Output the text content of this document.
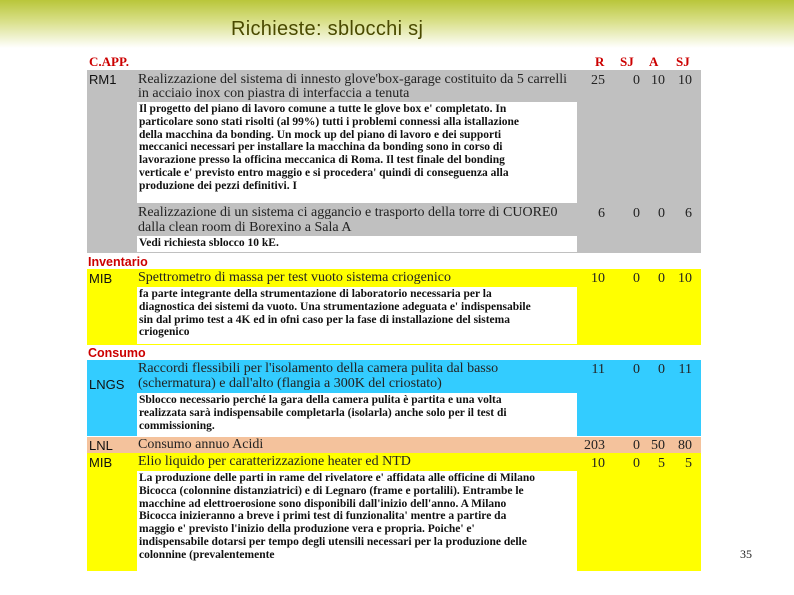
Richieste: sblocchi sj
C.APP.	R SJ A SJ
RM1 Realizzazione del sistema di innesto glove'box-garage costituito da 5 carrelli
in acciaio inox con piastra di interfaccia a tenuta
25	0 10 10
Il progetto del piano di lavoro comune a tutte le glove box e' completato. In
particolare sono stati risolti (al 99%) tutti i problemi connessi alla istallazione
della macchina da bonding. Un mock up del piano di lavoro e dei supporti
meccanici necessari per installare la macchina da bonding sono in corso di
lavorazione presso la officina meccanica di Roma. Il test finale del bonding
verticale e' previsto entro maggio e si procedera' quindi di conseguenza alla
produzione dei pezzi definitivi. I
Realizzazione di un sistema ci aggancio e trasporto della torre di CUORE0
dalla clean room di Borexino a Sala A
6	0	0	6
Vedi richiesta sblocco 10 kE.
Inventario
MIB Spettrometro di massa per test vuoto sistema criogenico	10	0	0 10
fa parte integrante della strumentazione di laboratorio necessaria per la
diagnostica dei sistemi da vuoto. Una strumentazione adeguata e' indispensabile
sin dal primo test a 4K ed in ofni caso per la fase di installazione del sistema
criogenico
Consumo
LNGS
Raccordi flessibili per l'isolamento della camera pulita dal basso
(schermatura) e dall'alto (flangia a 300K del criostato)
11	0	0 11
Sblocco necessario perché la gara della camera pulita è partita e una volta
realizzata sarà indispensabile completarla (isolarla) anche solo per il test di
commissioning.
LNL Consumo annuo Acidi	203	0 50 80
MIB Elio liquido per caratterizzazione heater ed NTD	10	0	5	5
La produzione delle parti in rame del rivelatore e' affidata alle officine di Milano
Bicocca (colonnine distanziatrici) e di Legnaro (frame e portalili). Entrambe le
macchine ad elettroerosione sono disponibili dall'inizio dell'anno. A Milano
Bicocca inizieranno a breve i primi test di funzionalita' mentre a partire da
maggio e' previsto l'inizio della produzione vera e propria. Poiche' e'
indispensabile dotarsi per tempo degli utensili necessari per la produzione delle
colonnine (prevalentemente	35
